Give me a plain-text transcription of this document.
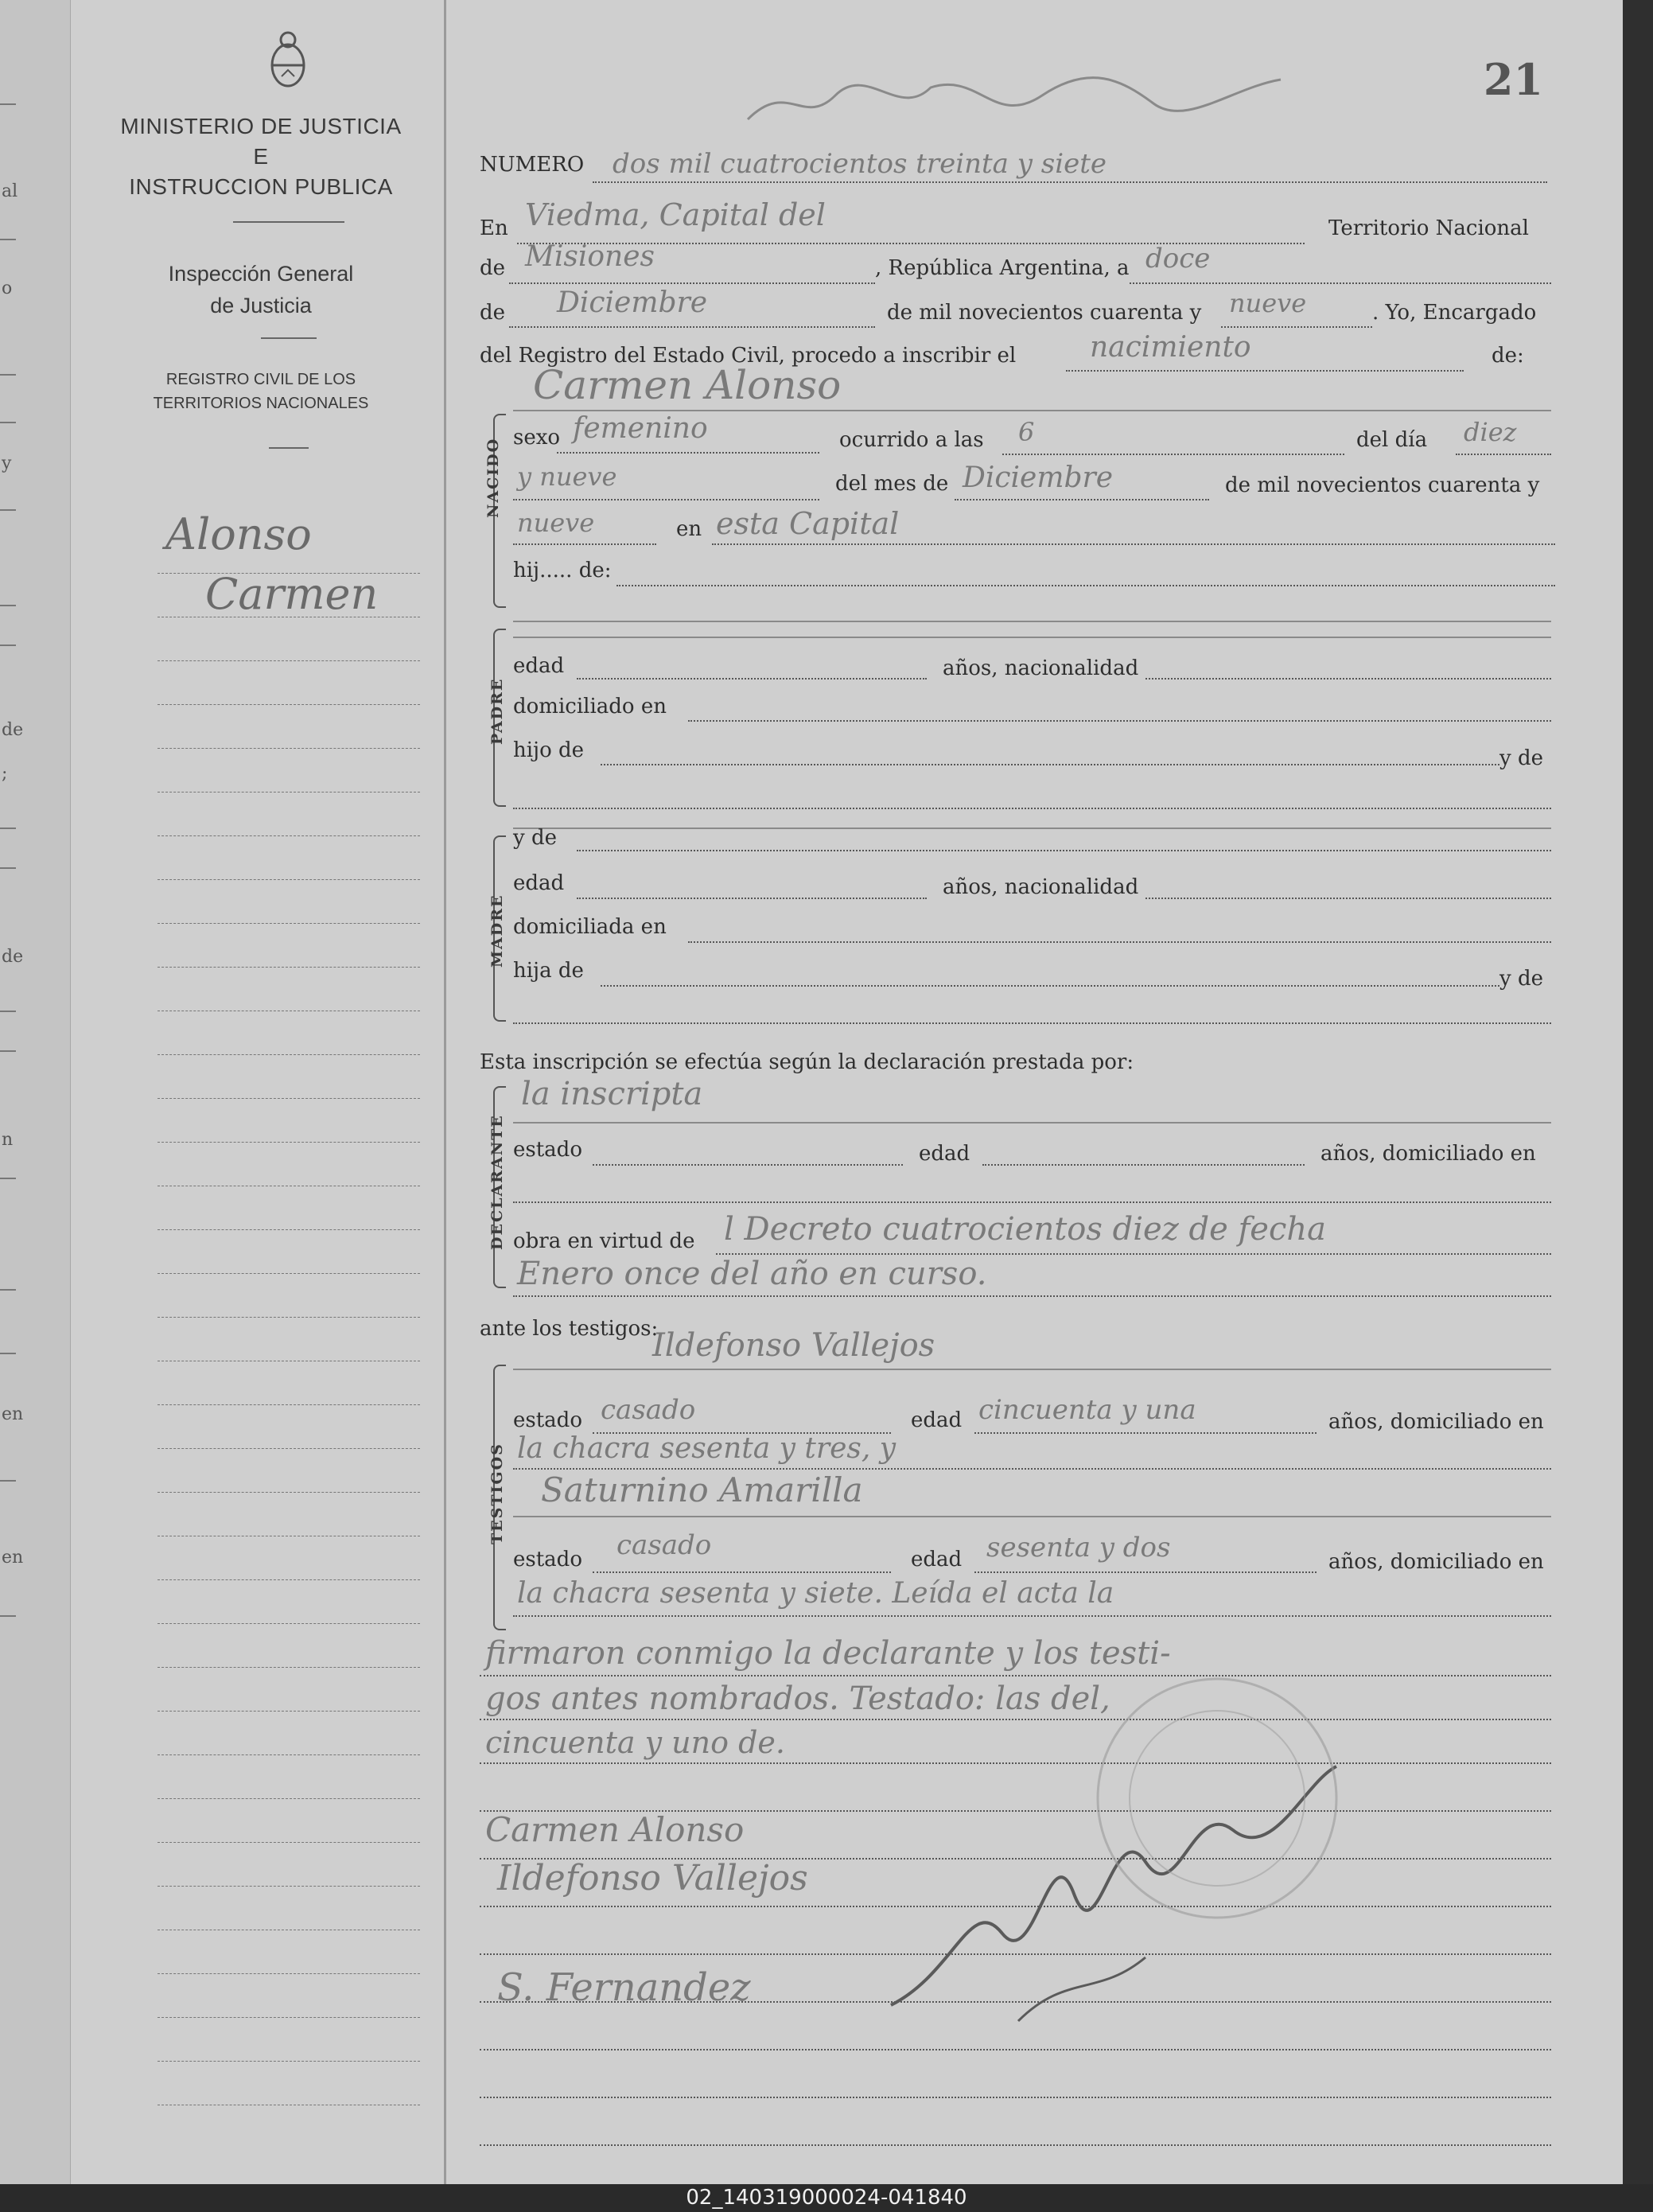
al
o
y
de
;
de
n
en
en
MINISTERIO DE JUSTICIA
E
INSTRUCCION PUBLICA
Inspección General
de Justicia
REGISTRO CIVIL DE LOS
TERRITORIOS NACIONALES
Alonso
Carmen
21
NUMERO dos mil cuatrocientos treinta y siete
En Viedma, Capital del	Territorio Nacional
de Misiones	, República Argentina, a doce
de Diciembre	de mil novecientos cuarenta y nueve	. Yo, Encargado
del Registro del Estado Civil, procedo a inscribir el	nacimiento	de:
Carmen Alonso
NACIDO sexo femenino	ocurrido a las 6	del día diez
y nueve	del mes de Diciembre	de mil novecientos cuarenta y
nueve	en esta Capital
hij..... de:
PADRE
edad	años, nacionalidad
domiciliado en
hijo de	y de
MADRE
y de
edad	años, nacionalidad
domiciliada en
hija de	y de
Esta inscripción se efectúa según la declaración prestada por:
DECLARANTE
la inscripta
estado	edad	años, domiciliado en
obra en virtud de l Decreto cuatrocientos diez de fecha
Enero once del año en curso.
ante los testigos:
TESTIGOS
Ildefonso Vallejos
estado casado	edad cincuenta y una	años, domiciliado en
la chacra sesenta y tres, y
Saturnino Amarilla
estado casado	edad sesenta y dos	años, domiciliado en
la chacra sesenta y siete. Leída el acta la
firmaron conmigo la declarante y los testi-
gos antes nombrados. Testado: las del,
cincuenta y uno de.
Carmen Alonso
Ildefonso Vallejos
S. Fernandez
02_140319000024-041840
